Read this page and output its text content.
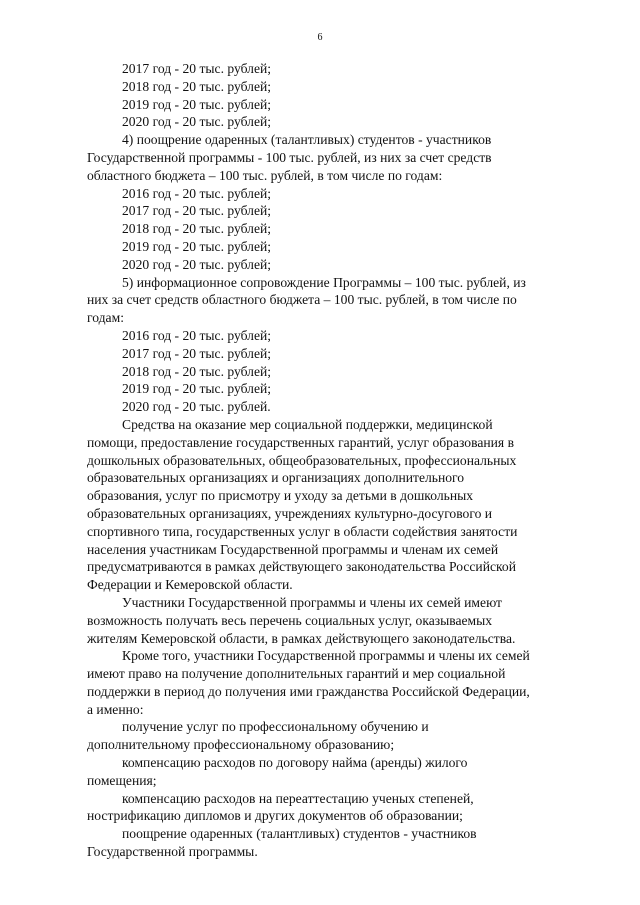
6
2017 год - 20 тыс. рублей;
2018 год - 20 тыс. рублей;
2019 год - 20 тыс. рублей;
2020 год - 20 тыс. рублей;
4) поощрение одаренных (талантливых) студентов - участников
Государственной программы - 100 тыс. рублей, из них за счет средств
областного бюджета – 100 тыс. рублей, в том числе по годам:
2016 год - 20 тыс. рублей;
2017 год - 20 тыс. рублей;
2018 год - 20 тыс. рублей;
2019 год - 20 тыс. рублей;
2020 год - 20 тыс. рублей;
5) информационное сопровождение Программы – 100 тыс. рублей, из
них за счет средств областного бюджета – 100 тыс. рублей, в том числе по
годам:
2016 год - 20 тыс. рублей;
2017 год - 20 тыс. рублей;
2018 год - 20 тыс. рублей;
2019 год - 20 тыс. рублей;
2020 год - 20 тыс. рублей.
Средства на оказание мер социальной поддержки, медицинской
помощи, предоставление государственных гарантий, услуг образования в
дошкольных образовательных, общеобразовательных, профессиональных
образовательных организациях и организациях дополнительного
образования, услуг по присмотру и уходу за детьми в дошкольных
образовательных организациях, учреждениях культурно-досугового и
спортивного типа, государственных услуг в области содействия занятости
населения участникам Государственной программы и членам их семей
предусматриваются в рамках действующего законодательства Российской
Федерации и Кемеровской области.
Участники Государственной программы и члены их семей имеют
возможность получать весь перечень социальных услуг, оказываемых
жителям Кемеровской области, в рамках действующего законодательства.
Кроме того, участники Государственной программы и члены их семей
имеют право на получение дополнительных гарантий и мер социальной
поддержки в период до получения ими гражданства Российской Федерации,
а именно:
получение услуг по профессиональному обучению и
дополнительному профессиональному образованию;
компенсацию расходов по договору найма (аренды) жилого
помещения;
компенсацию расходов на переаттестацию ученых степеней,
нострификацию дипломов и других документов об образовании;
поощрение одаренных (талантливых) студентов - участников
Государственной программы.
